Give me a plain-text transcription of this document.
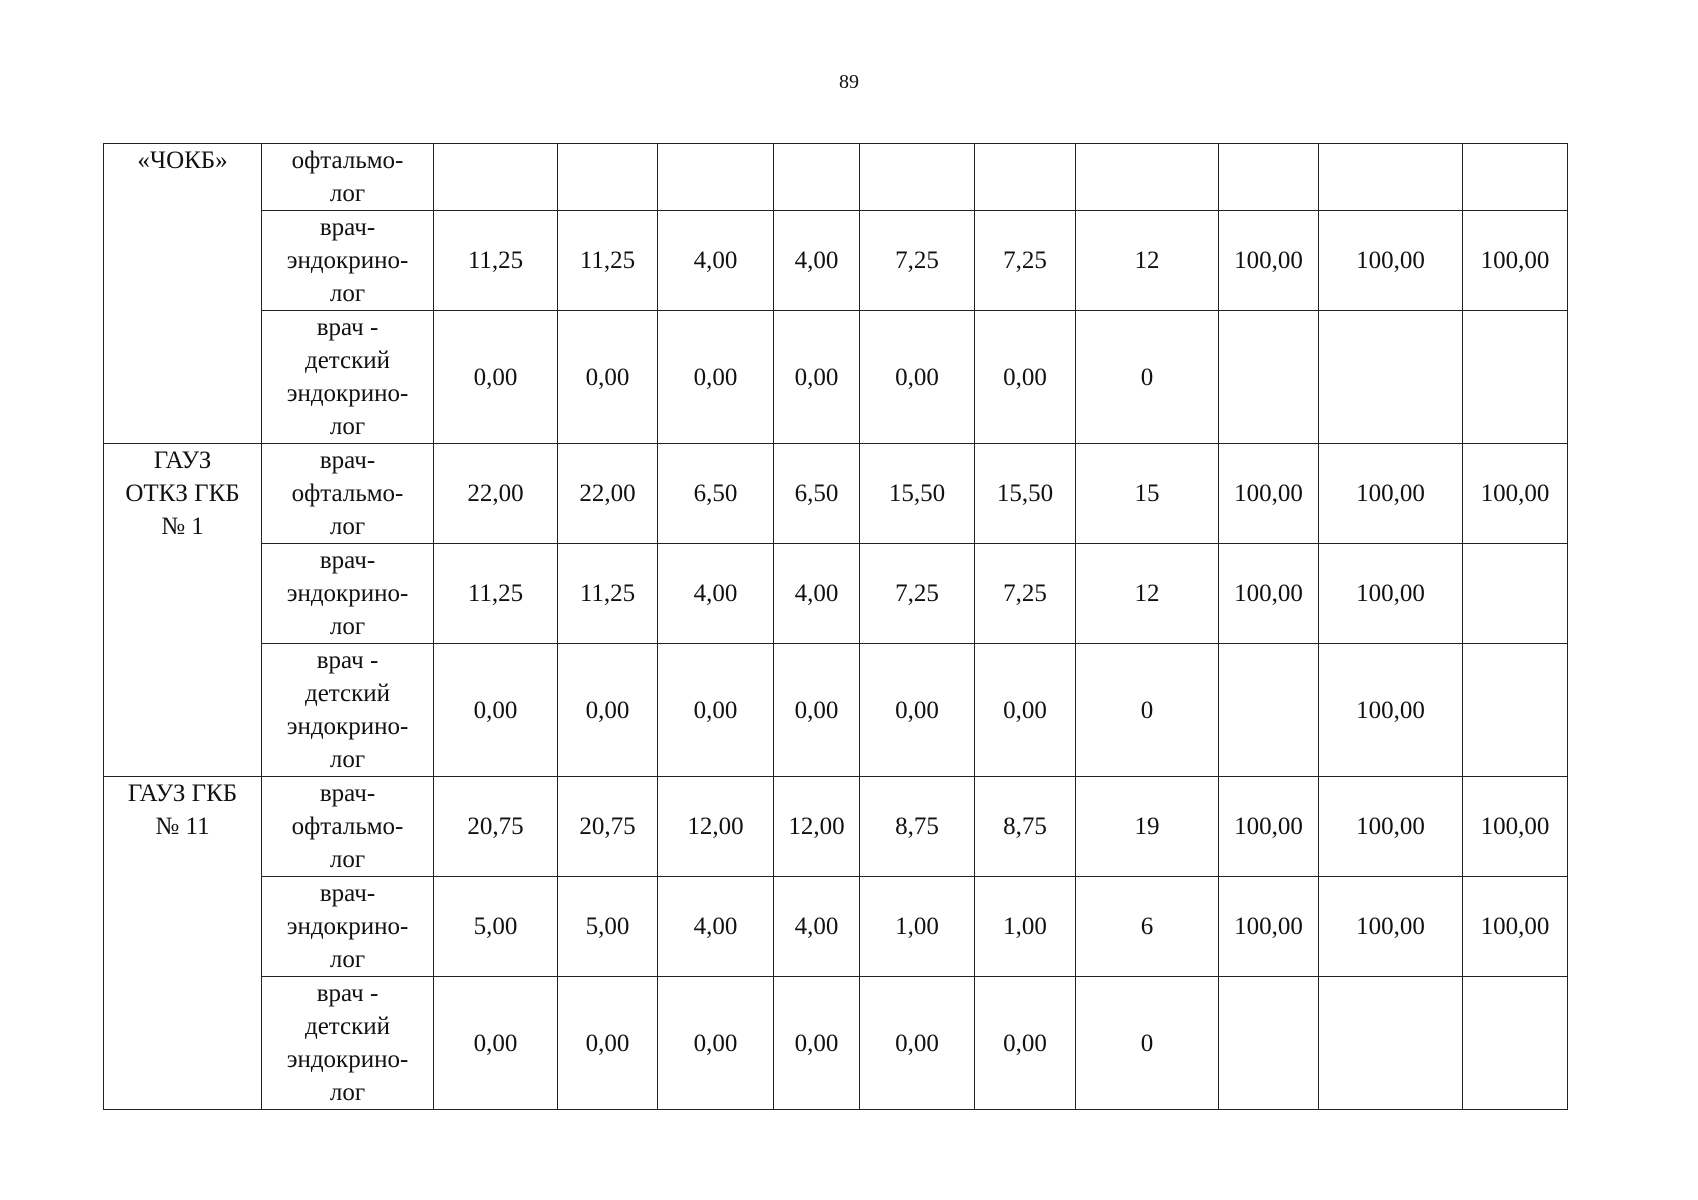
89
«ЧОКБ»	офтальмо-
лог										
	врач-
эндокрино-
лог	11,25	11,25	4,00	4,00	7,25	7,25	12	100,00	100,00	100,00
	врач -
детский
эндокрино-
лог	0,00	0,00	0,00	0,00	0,00	0,00	0			
ГАУЗ
ОТКЗ ГКБ
№ 1	врач-
офтальмо-
лог	22,00	22,00	6,50	6,50	15,50	15,50	15	100,00	100,00	100,00
	врач-
эндокрино-
лог	11,25	11,25	4,00	4,00	7,25	7,25	12	100,00	100,00	
	врач -
детский
эндокрино-
лог	0,00	0,00	0,00	0,00	0,00	0,00	0		100,00	
ГАУЗ ГКБ
№ 11	врач-
офтальмо-
лог	20,75	20,75	12,00	12,00	8,75	8,75	19	100,00	100,00	100,00
	врач-
эндокрино-
лог	5,00	5,00	4,00	4,00	1,00	1,00	6	100,00	100,00	100,00
	врач -
детский
эндокрино-
лог	0,00	0,00	0,00	0,00	0,00	0,00	0			
